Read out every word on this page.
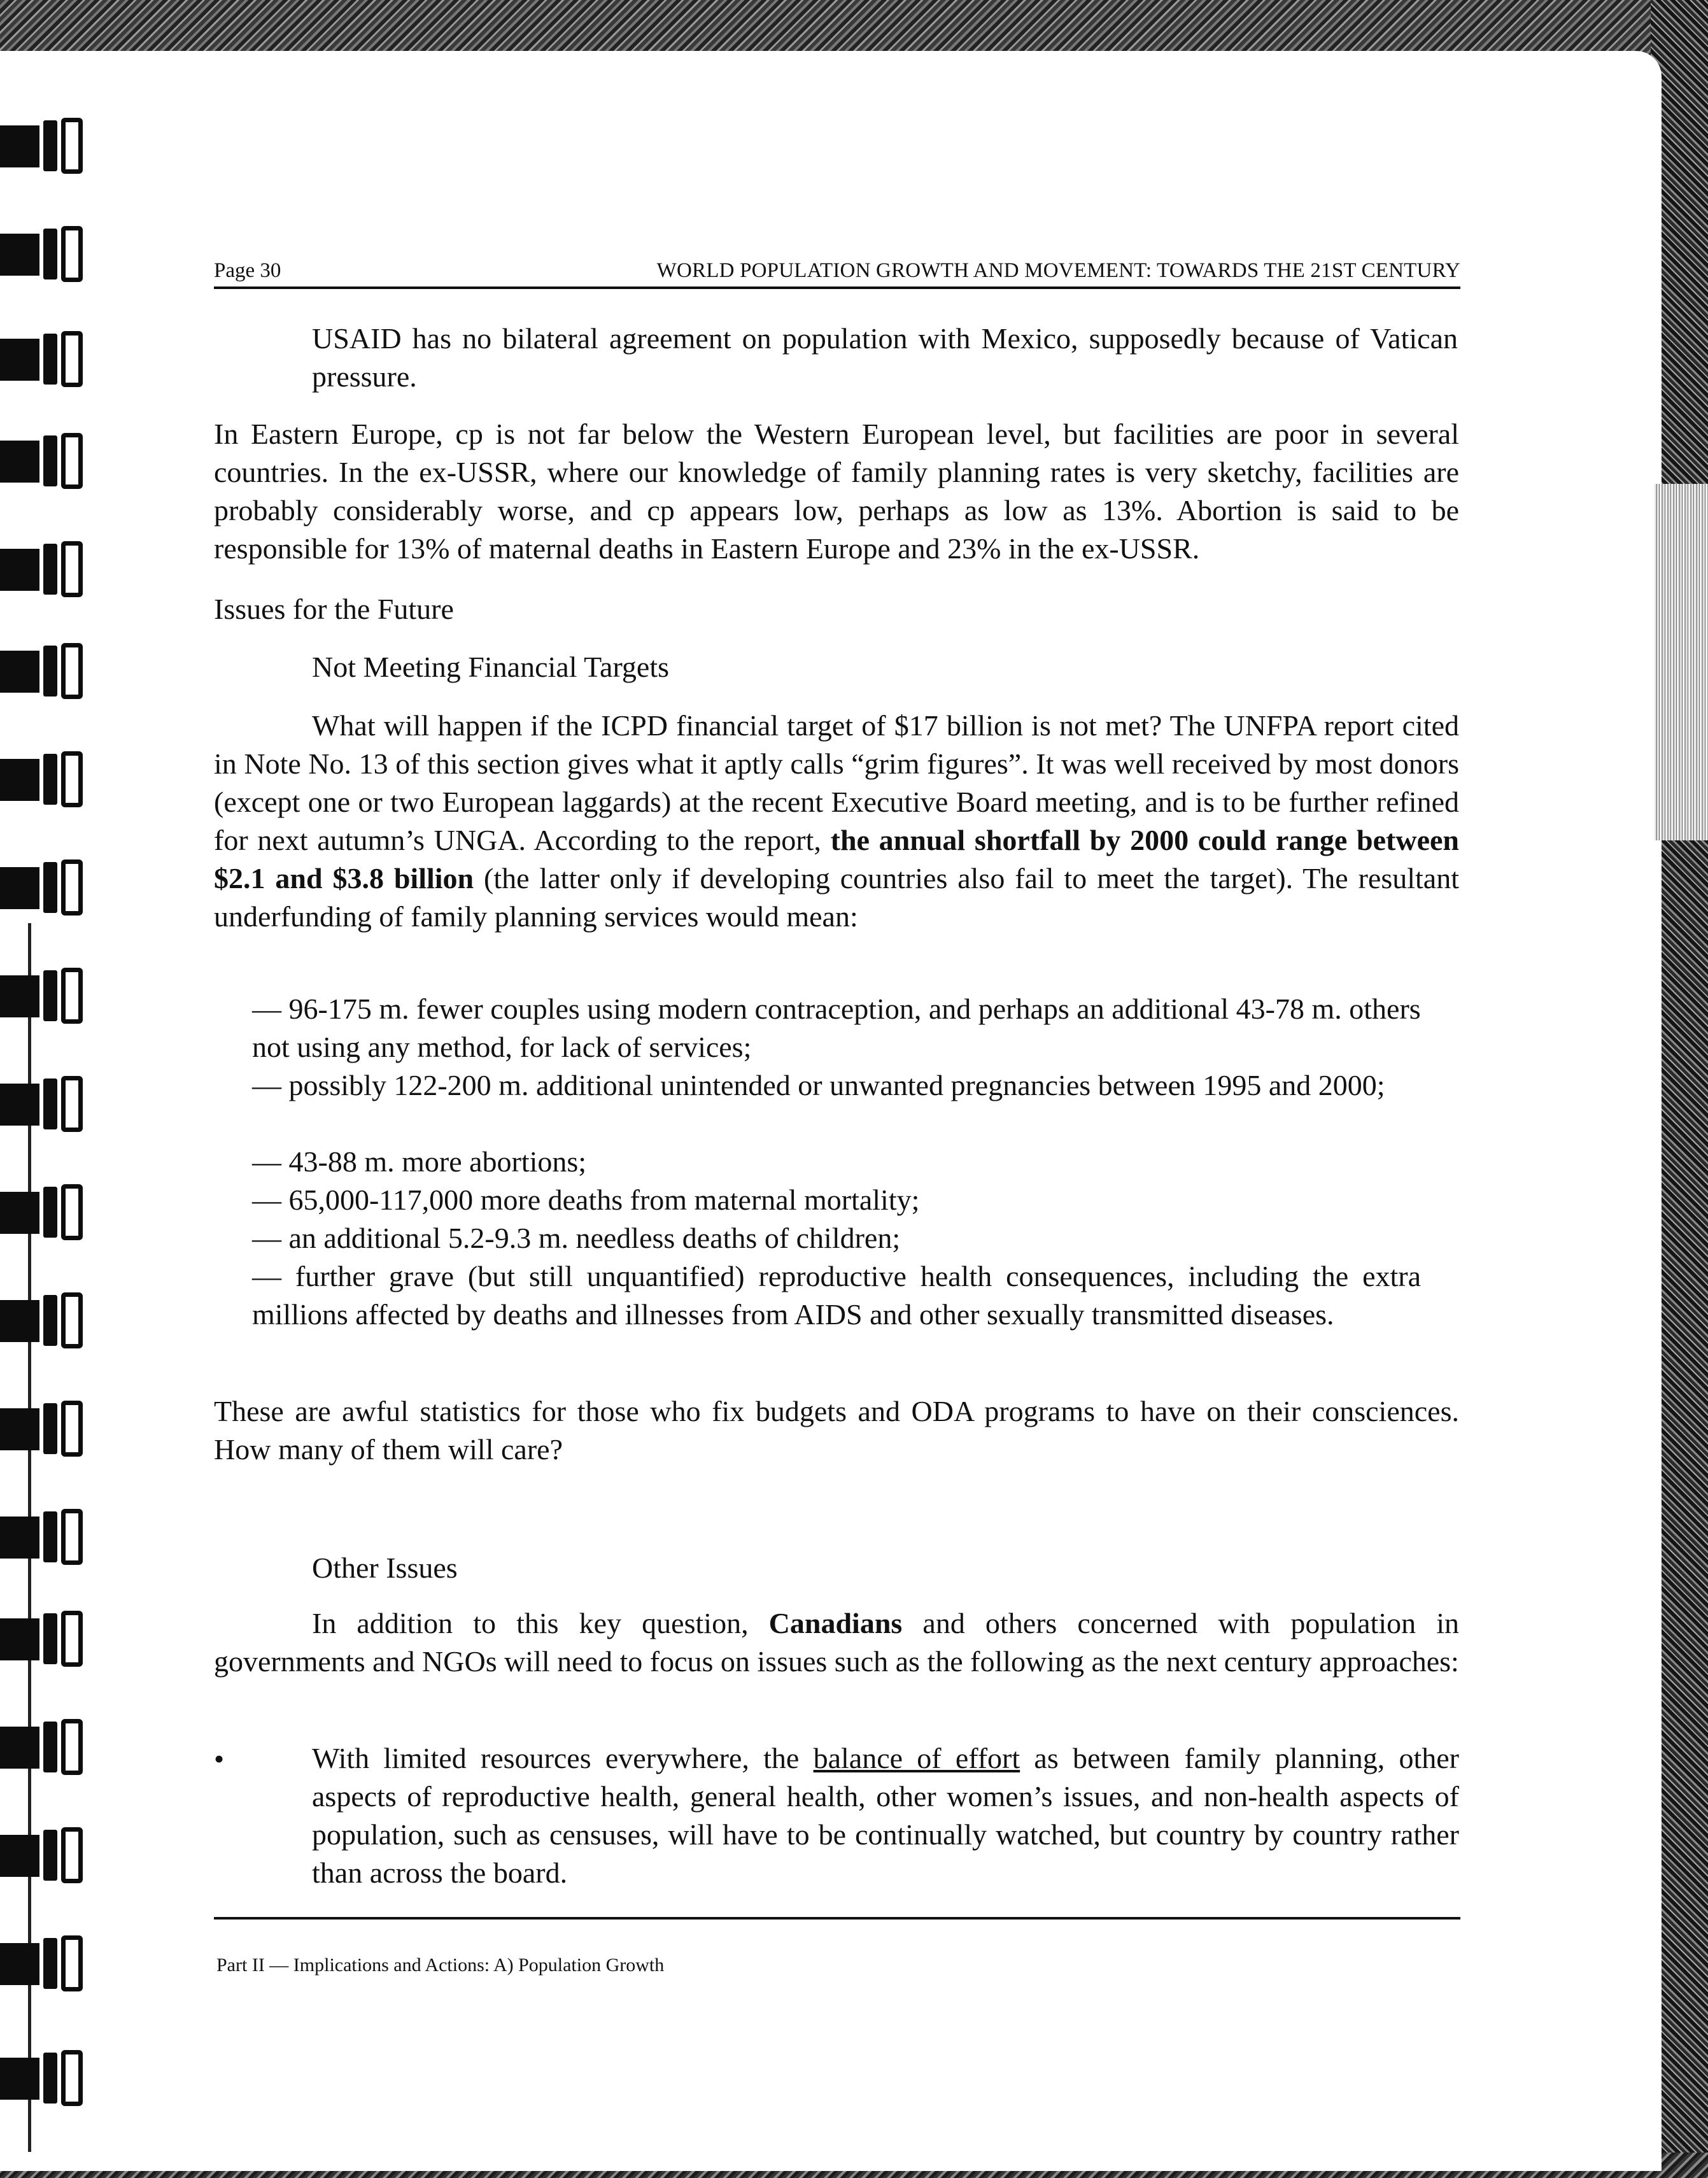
Page 30	WORLD POPULATION GROWTH AND MOVEMENT: TOWARDS THE 21ST CENTURY

USAID has no bilateral agreement on population with Mexico, supposedly because of Vatican pressure.

In Eastern Europe, cp is not far below the Western European level, but facilities are poor in several countries. In the ex-USSR, where our knowledge of family planning rates is very sketchy, facilities are probably considerably worse, and cp appears low, perhaps as low as 13%. Abortion is said to be responsible for 13% of maternal deaths in Eastern Europe and 23% in the ex-USSR.

Issues for the Future

Not Meeting Financial Targets

What will happen if the ICPD financial target of $17 billion is not met? The UNFPA report cited in Note No. 13 of this section gives what it aptly calls “grim figures”. It was well received by most donors (except one or two European laggards) at the recent Executive Board meeting, and is to be further refined for next autumn’s UNGA. According to the report, the annual shortfall by 2000 could range between $2.1 and $3.8 billion (the latter only if developing countries also fail to meet the target). The resultant underfunding of family planning services would mean:

— 96-175 m. fewer couples using modern contraception, and perhaps an additional 43-78 m. others not using any method, for lack of services;

— possibly 122-200 m. additional unintended or unwanted pregnancies between 1995 and 2000;

— 43-88 m. more abortions;

— 65,000-117,000 more deaths from maternal mortality;

— an additional 5.2-9.3 m. needless deaths of children;

— further grave (but still unquantified) reproductive health consequences, including the extra millions affected by deaths and illnesses from AIDS and other sexually transmitted diseases.

These are awful statistics for those who fix budgets and ODA programs to have on their consciences. How many of them will care?

Other Issues

In addition to this key question, Canadians and others concerned with population in governments and NGOs will need to focus on issues such as the following as the next century approaches:

•	With limited resources everywhere, the balance of effort as between family planning, other aspects of reproductive health, general health, other women’s issues, and non-health aspects of population, such as censuses, will have to be continually watched, but country by country rather than across the board.

Part II — Implications and Actions: A) Population Growth
